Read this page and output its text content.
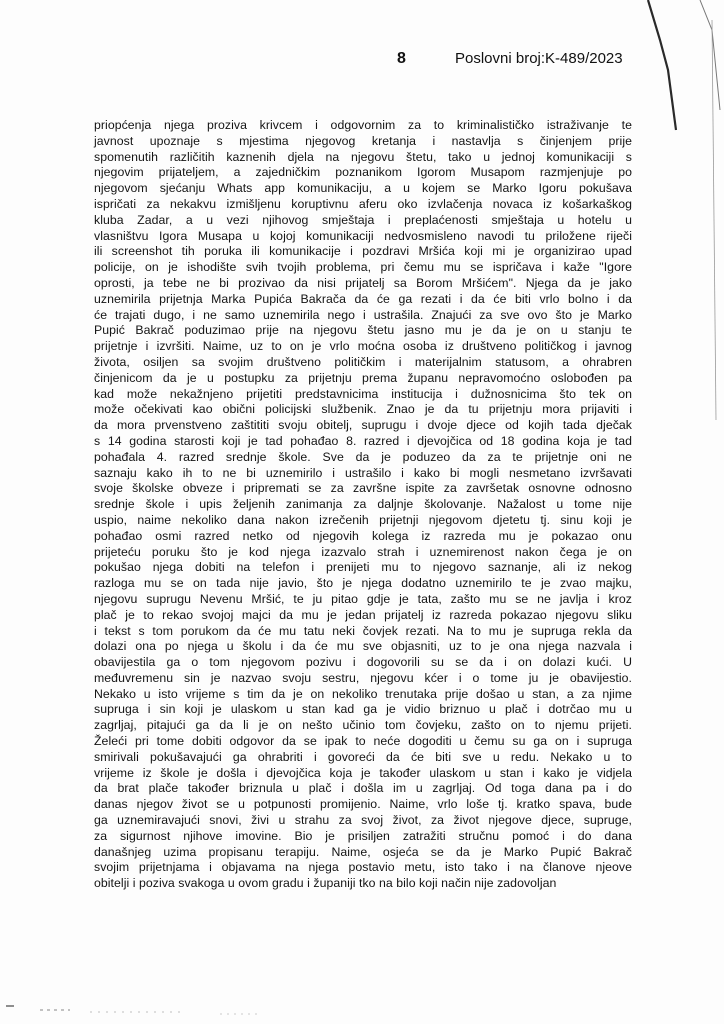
8	Poslovni broj:K-489/2023
priopćenja njega proziva krivcem i odgovornim za to kriminalističko istraživanje te
javnost upoznaje s mjestima njegovog kretanja i nastavlja s činjenjem prije
spomenutih različitih kaznenih djela na njegovu štetu, tako u jednoj komunikaciji s
njegovim prijateljem, a zajedničkim poznanikom Igorom Musapom razmjenjuje po
njegovom sjećanju Whats app komunikaciju, a u kojem se Marko Igoru pokušava
ispričati za nekakvu izmišljenu koruptivnu aferu oko izvlačenja novaca iz košarkaškog
kluba Zadar, a u vezi njihovog smještaja i preplaćenosti smještaja u hotelu u
vlasništvu Igora Musapa u kojoj komunikaciji nedvosmisleno navodi tu priložene riječi
ili screenshot tih poruka ili komunikacije i pozdravi Mršića koji mi je organizirao upad
policije, on je ishodište svih tvojih problema, pri čemu mu se ispričava i kaže "Igore
oprosti, ja tebe ne bi prozivao da nisi prijatelj sa Borom Mršićem". Njega da je jako
uznemirila prijetnja Marka Pupića Bakrača da će ga rezati i da će biti vrlo bolno i da
će trajati dugo, i ne samo uznemirila nego i ustrašila. Znajući za sve ovo što je Marko
Pupić Bakrač poduzimao prije na njegovu štetu jasno mu je da je on u stanju te
prijetnje i izvršiti. Naime, uz to on je vrlo moćna osoba iz društveno političkog i javnog
života, osiljen sa svojim društveno političkim i materijalnim statusom, a ohrabren
činjenicom da je u postupku za prijetnju prema županu nepravomoćno oslobođen pa
kad može nekažnjeno prijetiti predstavnicima institucija i dužnosnicima što tek on
može očekivati kao obični policijski službenik. Znao je da tu prijetnju mora prijaviti i
da mora prvenstveno zaštititi svoju obitelj, suprugu i dvoje djece od kojih tada dječak
s 14 godina starosti koji je tad pohađao 8. razred i djevojčica od 18 godina koja je tad
pohađala 4. razred srednje škole. Sve da je poduzeo da za te prijetnje oni ne
saznaju kako ih to ne bi uznemirilo i ustrašilo i kako bi mogli nesmetano izvršavati
svoje školske obveze i pripremati se za završne ispite za završetak osnovne odnosno
srednje škole i upis željenih zanimanja za daljnje školovanje. Nažalost u tome nije
uspio, naime nekoliko dana nakon izrečenih prijetnji njegovom djetetu tj. sinu koji je
pohađao osmi razred netko od njegovih kolega iz razreda mu je pokazao onu
prijeteću poruku što je kod njega izazvalo strah i uznemirenost nakon čega je on
pokušao njega dobiti na telefon i prenijeti mu to njegovo saznanje, ali iz nekog
razloga mu se on tada nije javio, što je njega dodatno uznemirilo te je zvao majku,
njegovu suprugu Nevenu Mršić, te ju pitao gdje je tata, zašto mu se ne javlja i kroz
plač je to rekao svojoj majci da mu je jedan prijatelj iz razreda pokazao njegovu sliku
i tekst s tom porukom da će mu tatu neki čovjek rezati. Na to mu je supruga rekla da
dolazi ona po njega u školu i da će mu sve objasniti, uz to je ona njega nazvala i
obavijestila ga o tom njegovom pozivu i dogovorili su se da i on dolazi kući. U
međuvremenu sin je nazvao svoju sestru, njegovu kćer i o tome ju je obavijestio.
Nekako u isto vrijeme s tim da je on nekoliko trenutaka prije došao u stan, a za njime
supruga i sin koji je ulaskom u stan kad ga je vidio briznuo u plač i dotrčao mu u
zagrljaj, pitajući ga da li je on nešto učinio tom čovjeku, zašto on to njemu prijeti.
Želeći pri tome dobiti odgovor da se ipak to neće dogoditi u čemu su ga on i supruga
smirivali pokušavajući ga ohrabriti i govoreći da će biti sve u redu. Nekako u to
vrijeme iz škole je došla i djevojčica koja je također ulaskom u stan i kako je vidjela
da brat plače također briznula u plač i došla im u zagrljaj. Od toga dana pa i do
danas njegov život se u potpunosti promijenio. Naime, vrlo loše tj. kratko spava, bude
ga uznemiravajući snovi, živi u strahu za svoj život, za život njegove djece, supruge,
za sigurnost njihove imovine. Bio je prisiljen zatražiti stručnu pomoć i do dana
današnjeg uzima propisanu terapiju. Naime, osjeća se da je Marko Pupić Bakrač
svojim prijetnjama i objavama na njega postavio metu, isto tako i na članove njeove
obitelji i poziva svakoga u ovom gradu i županiji tko na bilo koji način nije zadovoljan
